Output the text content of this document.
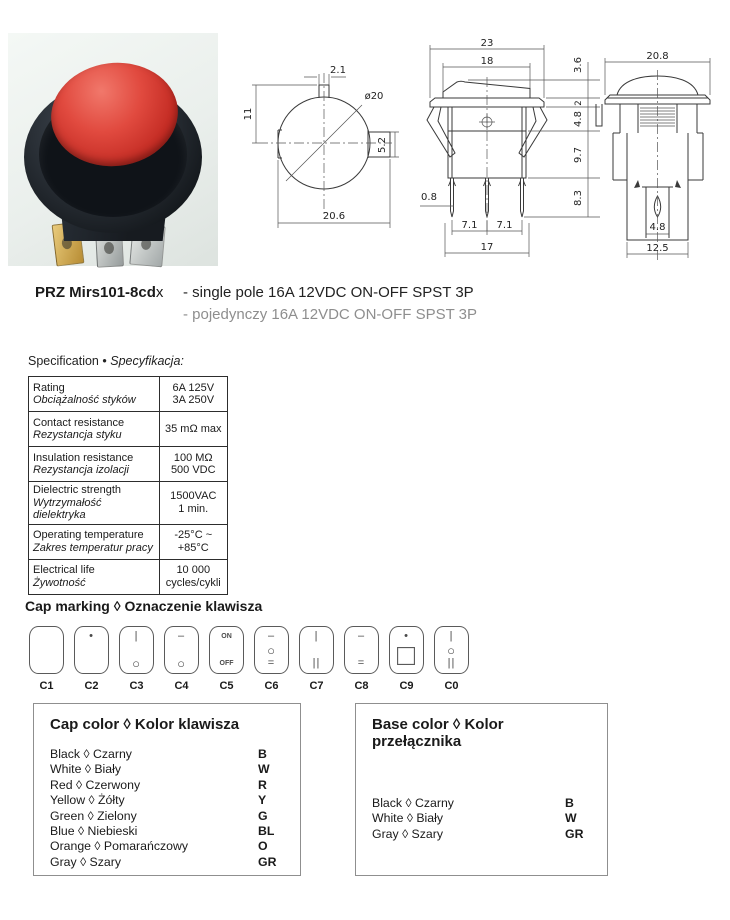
2.1
11
ø20
5.2
20.6
23
18	3.6
2
4.8
9.7
8.3
0.8
7.1 7.1
17
20.8
4.8
12.5
PRZ Mirs101-8cdx - single pole 16A 12VDC ON-OFF SPST 3P
- pojedynczy 16A 12VDC ON-OFF SPST 3P
Specification • Specyfikacja:
Rating
Obciążalność styków	6A 125V
3A 250V
Contact resistance
Rezystancja styku	35 mΩ max
Insulation resistance
Rezystancja izolacji	100 MΩ
500 VDC
Dielectric strength
Wytrzymałość dielektryka	1500VAC
1 min.
Operating temperature
Zakres temperatur pracy	-25°C ~ +85°C
Electrical life
Żywotność	10 000
cycles/cykli
Cap marking ◊ Oznaczenie klawisza
C1
•
C2
|
○
C3
–
○
C4
ON
OFF
C5
–
○
=
C6
|
||
C7
–
=
C8
•
□
C9
|
○
||
C0
Cap color ◊ Kolor klawisza
Black ◊ Czarny	B
White ◊ Biały	W
Red ◊ Czerwony	R
Yellow ◊ Żółty	Y
Green ◊ Zielony	G
Blue ◊ Niebieski	BL
Orange ◊ Pomarańczowy	O
Gray ◊ Szary	GR
Base color ◊ Kolor przełącznika
Black ◊ Czarny	B
White ◊ Biały	W
Gray ◊ Szary	GR
